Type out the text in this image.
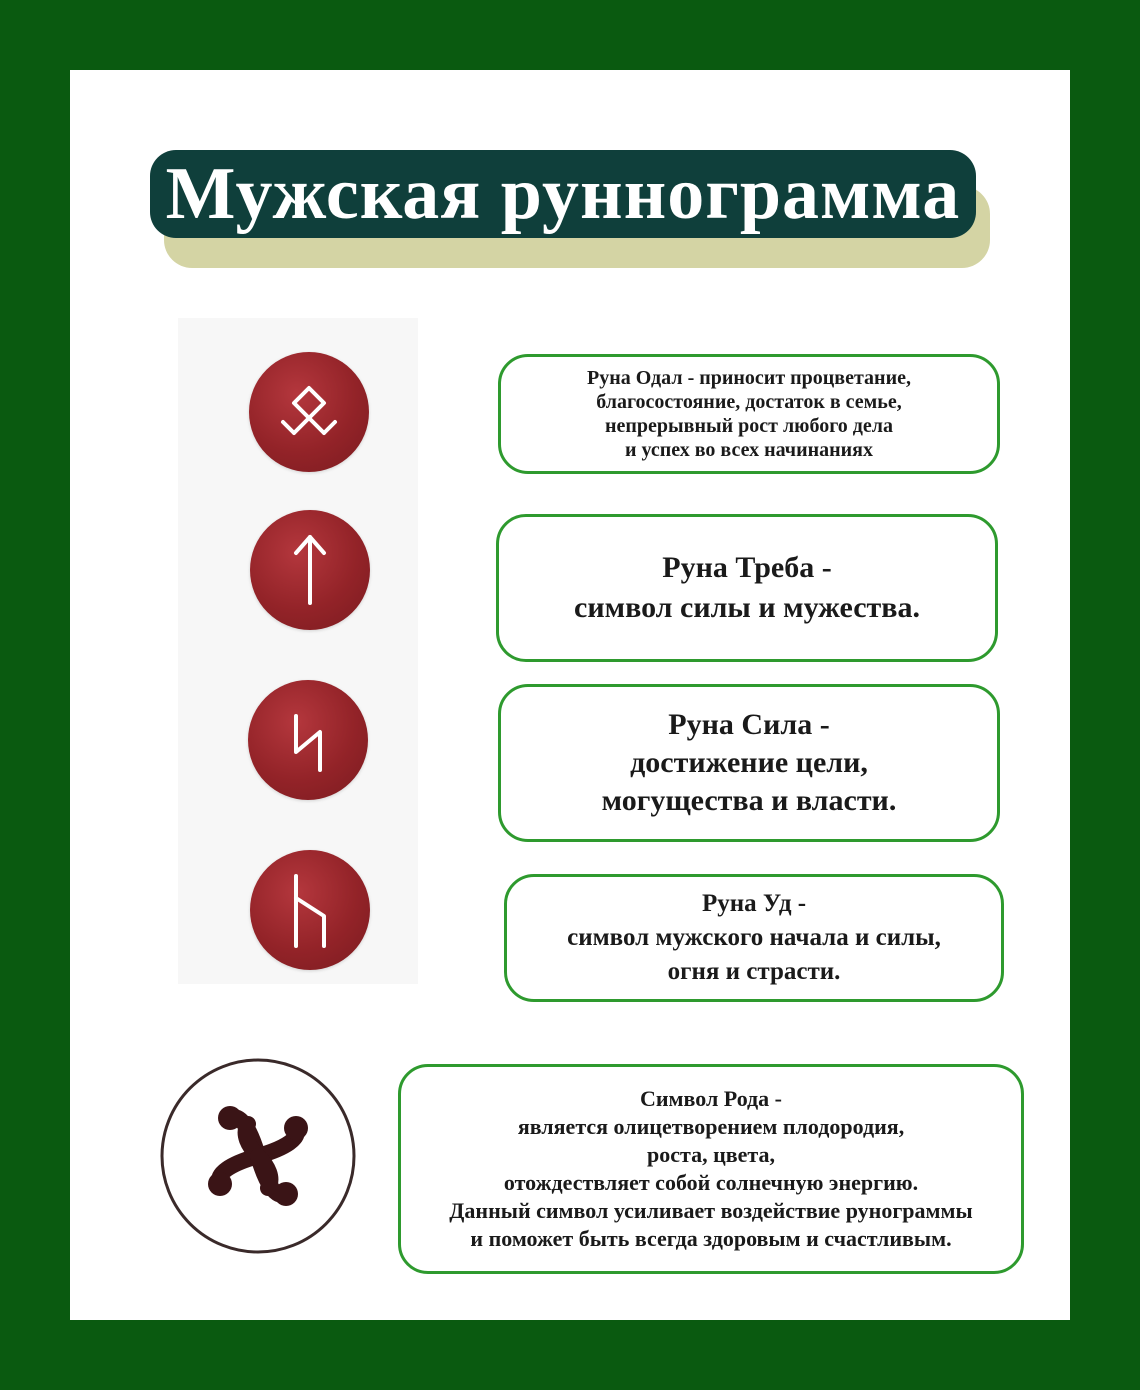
Мужская руннограмма
Руна Одал - приносит процветание,
благосостояние, достаток в семье,
непрерывный рост любого дела
и успех во всех начинаниях
Руна Треба -
символ силы и мужества.
Руна Сила -
достижение цели,
могущества и власти.
Руна Уд -
символ мужского начала и силы,
огня и страсти.
Символ Рода -
является олицетворением плодородия,
роста, цвета,
отождествляет собой солнечную энергию.
Данный символ усиливает воздействие рунограммы
и поможет быть всегда здоровым и счастливым.
